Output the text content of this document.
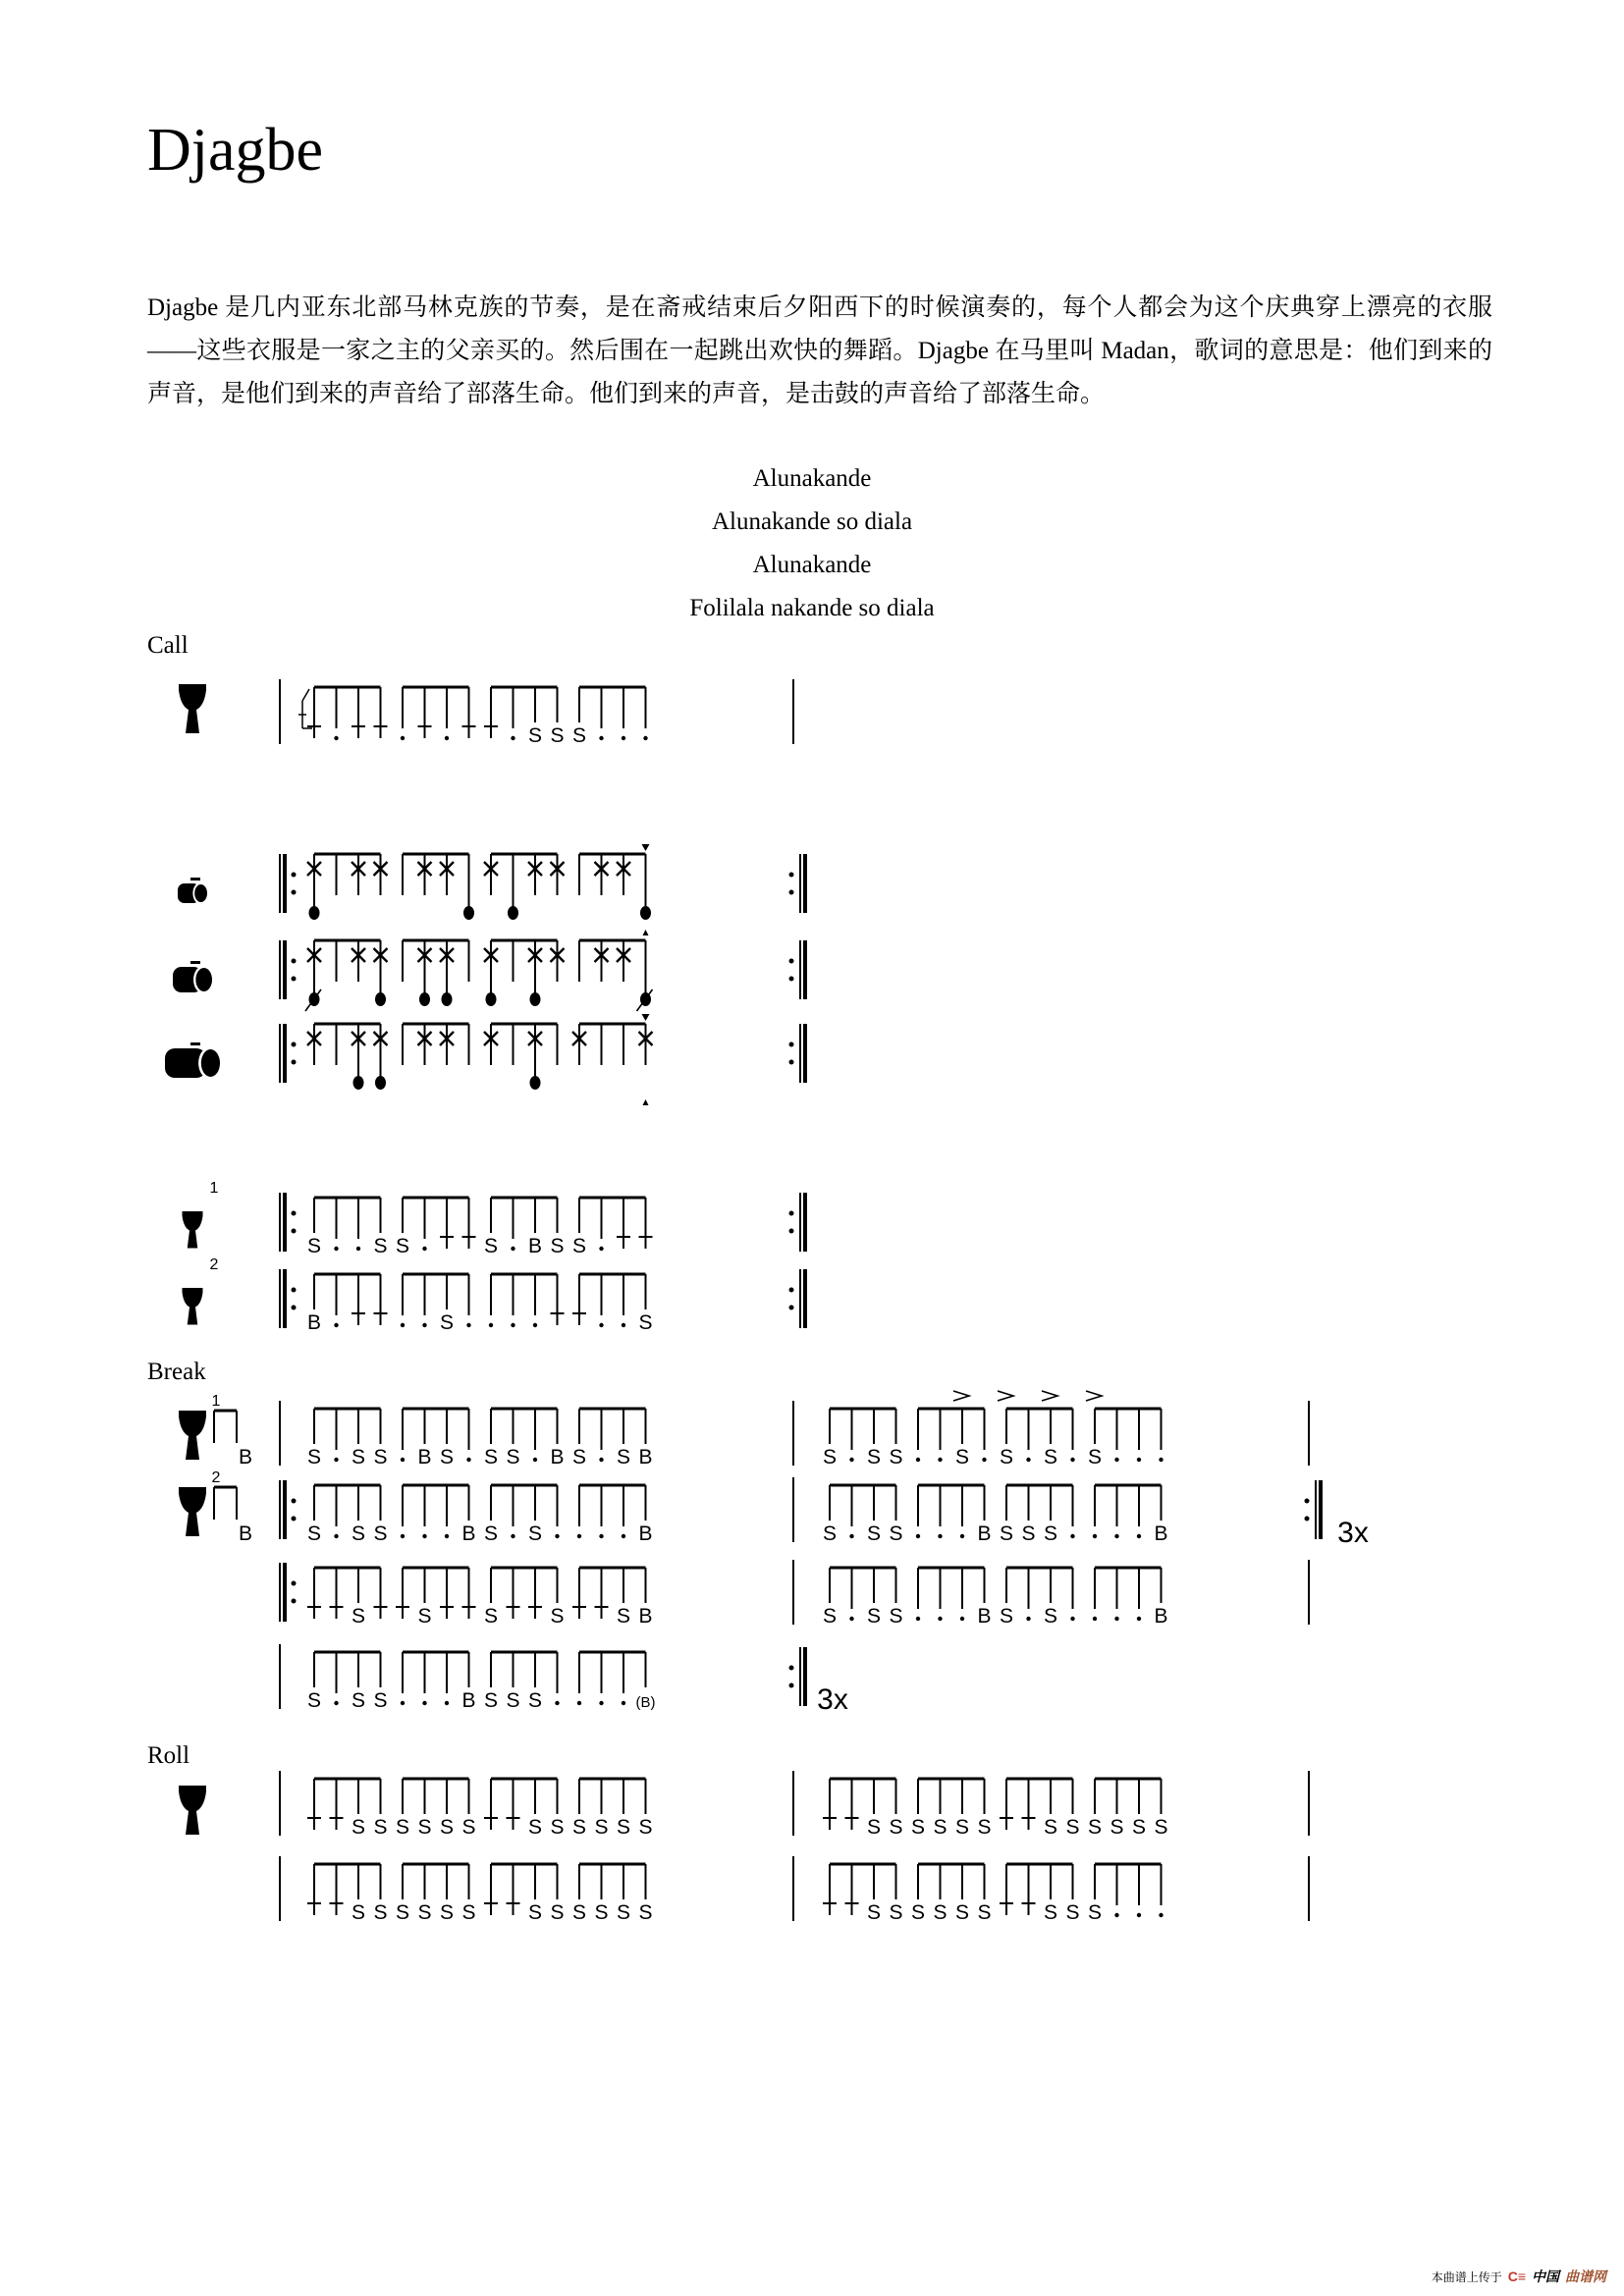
Djagbe
Djagbe 是几内亚东北部马林克族的节奏，是在斋戒结束后夕阳西下的时候演奏的，每个人都会为这个庆典穿上漂亮的衣服——这些衣服是一家之主的父亲买的。然后围在一起跳出欢快的舞蹈。Djagbe 在马里叫 Madan，歌词的意思是：他们到来的声音，是他们到来的声音给了部落生命。他们到来的声音，是击鼓的声音给了部落生命。
Alunakande
Alunakande so diala
Alunakande
Folilala nakande so diala
Call
Break
Roll
S S S
1
S	S S	S B S S
2
B	S	S
1
B	S S S B S S S B S S B	S S S	S S S S
2
B	S S S	B S S	B	S S S	B S S S	B	3x
S	S	S	S	S B	S S S	B S S	B
S S S	B S S S	(B)	3x
S S S S S S	S S S S S S	S S S S S S	S S S S S S
S S S S S S	S S S S S S	S S S S S S	S S S
本曲谱上传于 C≡ 中国 曲谱网
